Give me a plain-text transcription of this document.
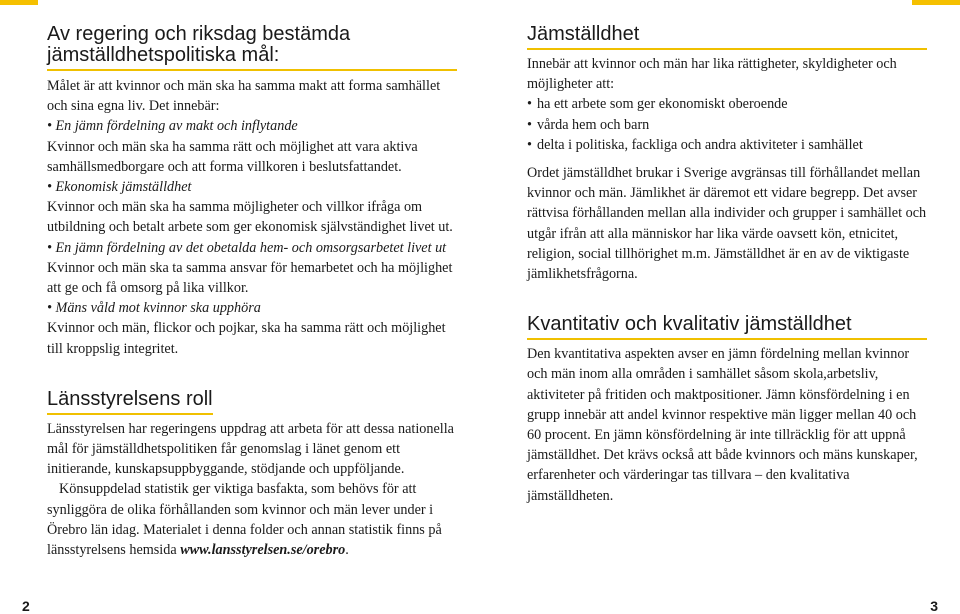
Av regering och riksdag bestämda jämställdhetspolitiska mål:

Målet är att kvinnor och män ska ha samma makt att forma samhället och sina egna liv. Det innebär:

• En jämn fördelning av makt och inflytande

Kvinnor och män ska ha samma rätt och möjlighet att vara aktiva samhällsmedborgare och att forma villkoren i beslutsfattandet.

• Ekonomisk jämställdhet

Kvinnor och män ska ha samma möjligheter och villkor ifråga om utbildning och betalt arbete som ger ekonomisk självständighet livet ut.

• En jämn fördelning av det obetalda hem- och omsorgsarbetet livet ut

Kvinnor och män ska ta samma ansvar för hemarbetet och ha möjlighet att ge och få omsorg på lika villkor.

• Mäns våld mot kvinnor ska upphöra

Kvinnor och män, flickor och pojkar, ska ha samma rätt och möjlighet till kroppslig integritet.

Länsstyrelsens roll

Länsstyrelsen har regeringens uppdrag att arbeta för att dessa nationella mål för jämställdhetspolitiken får genomslag i länet genom ett initierande, kunskapsuppbyggande, stödjande och uppföljande.

Könsuppdelad statistik ger viktiga basfakta, som behövs för att synliggöra de olika förhållanden som kvinnor och män lever under i Örebro län idag. Materialet i denna folder och annan statistik finns på länsstyrelsens hemsida www.lansstyrelsen.se/orebro.

Jämställdhet

Innebär att kvinnor och män har lika rättigheter, skyldigheter och möjligheter att:

• ha ett arbete som ger ekonomiskt oberoende
• vårda hem och barn
• delta i politiska, fackliga och andra aktiviteter i samhället

Ordet jämställdhet brukar i Sverige avgränsas till förhållandet mellan kvinnor och män. Jämlikhet är däremot ett vidare begrepp. Det avser rättvisa förhållanden mellan alla individer och grupper i samhället och utgår ifrån att alla människor har lika värde oavsett kön, etnicitet, religion, social tillhörighet m.m. Jämställdhet är en av de viktigaste jämlikhetsfrågorna.

Kvantitativ och kvalitativ jämställdhet

Den kvantitativa aspekten avser en jämn fördelning mellan kvinnor och män inom alla områden i samhället såsom skola,arbetsliv, aktiviteter på fritiden och maktpositioner. Jämn könsfördelning i en grupp innebär att andel kvinnor respektive män ligger mellan 40 och 60 procent. En jämn könsfördelning är inte tillräcklig för att uppnå jämställdhet. Det krävs också att både kvinnors och mäns kunskaper, erfarenheter och värderingar tas tillvara – den kvalitativa jämställdheten.

2	3
